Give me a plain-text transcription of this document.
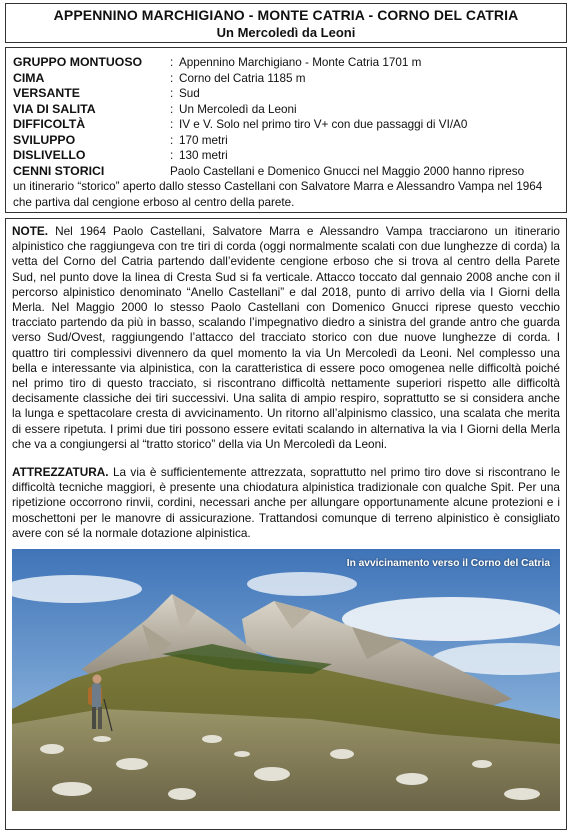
APPENNINO MARCHIGIANO - MONTE CATRIA - CORNO DEL CATRIA
Un Mercoledì da Leoni
GRUPPO MONTUOSO	: Appennino Marchigiano - Monte Catria 1701 m
CIMA	: Corno del Catria 1185 m
VERSANTE	: Sud
VIA DI SALITA	: Un Mercoledì da Leoni
DIFFICOLTÀ	: IV e V. Solo nel primo tiro V+ con due passaggi di VI/A0
SVILUPPO	: 170 metri
DISLIVELLO	: 130 metri
CENNI STORICI	Paolo Castellani e Domenico Gnucci nel Maggio 2000 hanno ripreso
un itinerario “storico” aperto dallo stesso Castellani con Salvatore Marra e Alessandro Vampa nel 1964 che partiva dal cengione erboso al centro della parete.

NOTE. Nel 1964 Paolo Castellani, Salvatore Marra e Alessandro Vampa tracciarono un itinerario alpinistico che raggiungeva con tre tiri di corda (oggi normalmente scalati con due lunghezze di corda) la vetta del Corno del Catria partendo dall’evidente cengione erboso che si trova al centro della Parete Sud, nel punto dove la linea di Cresta Sud si fa verticale. Attacco toccato dal gennaio 2008 anche con il percorso alpinistico denominato “Anello Castellani” e dal 2018, punto di arrivo della via I Giorni della Merla. Nel Maggio 2000 lo stesso Paolo Castellani con Domenico Gnucci riprese questo vecchio tracciato partendo da più in basso, scalando l’impegnativo diedro a sinistra del grande antro che guarda verso Sud/Ovest, raggiungendo l’attacco del tracciato storico con due nuove lunghezze di corda. I quattro tiri complessivi divennero da quel momento la via Un Mercoledì da Leoni. Nel complesso una bella e interessante via alpinistica, con la caratteristica di essere poco omogenea nelle difficoltà poiché nel primo tiro di questo tracciato, si riscontrano difficoltà nettamente superiori rispetto alle difficoltà decisamente classiche dei tiri successivi. Una salita di ampio respiro, soprattutto se si considera anche la lunga e spettacolare cresta di avvicinamento. Un ritorno all’alpinismo classico, una scalata che merita di essere ripetuta. I primi due tiri possono essere evitati scalando in alternativa la via I Giorni della Merla che va a congiungersi al “tratto storico” della via Un Mercoledì da Leoni.

ATTREZZATURA. La via è sufficientemente attrezzata, soprattutto nel primo tiro dove si riscontrano le difficoltà tecniche maggiori, è presente una chiodatura alpinistica tradizionale con qualche Spit. Per una ripetizione occorrono rinvii, cordini, necessari anche per allungare opportunamente alcune protezioni e i moschettoni per le manovre di assicurazione. Trattandosi comunque di terreno alpinistico è consigliato avere con sé la normale dotazione alpinistica.

In avvicinamento verso il Corno del Catria
